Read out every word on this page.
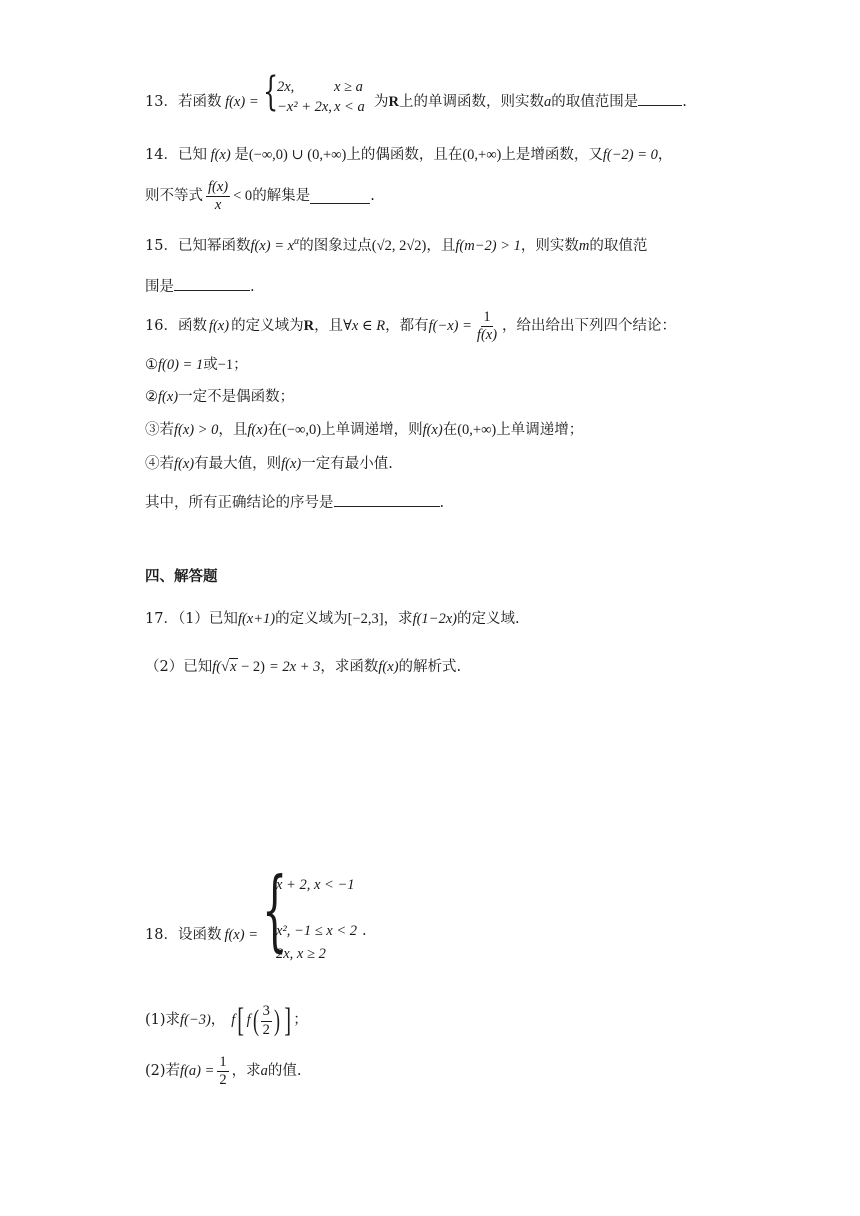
13．若函数 f(x) = {
2x,	x ≥ a
−x² + 2x, x < a 为R上的单调函数，则实数a的取值范围是	.
14．已知 f(x) 是(−∞,0) ∪ (0,+∞)上的偶函数，且在(0,+∞)上是增函数，又f(−2) = 0，
则不等式 $\frac{f(x)}{x} < 0$ 的解集是	.
15．已知幂函数$f(x) = x^\alpha$的图象过点(√2, 2√2)，且f(m−2) > 1，则实数m的取值范
围是	.
16． 函数 f(x) 的定义域为 R ，且 ∀x ∈ R ，都有 $f(-x) = \frac{1}{f(x)}$ ，给出给出下列四个结论：
①f(0) = 1或−1；
②f(x)一定不是偶函数；
③若f(x) > 0，且f(x)在(−∞,0)上单调递增，则f(x)在(0,+∞)上单调递增；
④若f(x)有最大值，则f(x)一定有最小值.
其中，所有正确结论的序号是	.
四、解答题
17．（1）已知f(x+1)的定义域为[−2,3]，求f(1−2x)的定义域.
（2）已知f(√x − 2) = 2x + 3，求函数f(x)的解析式.
18．设函数 f(x) = {
x + 2, x < −1
x², −1 ≤ x < 2 .
2x, x ≥ 2
(1)求 f(−3) ， f [ f ( $\frac{3}{2}$ ) ] ；
(2)若 $f(a) = \frac{1}{2}$ ，求 a 的值.
